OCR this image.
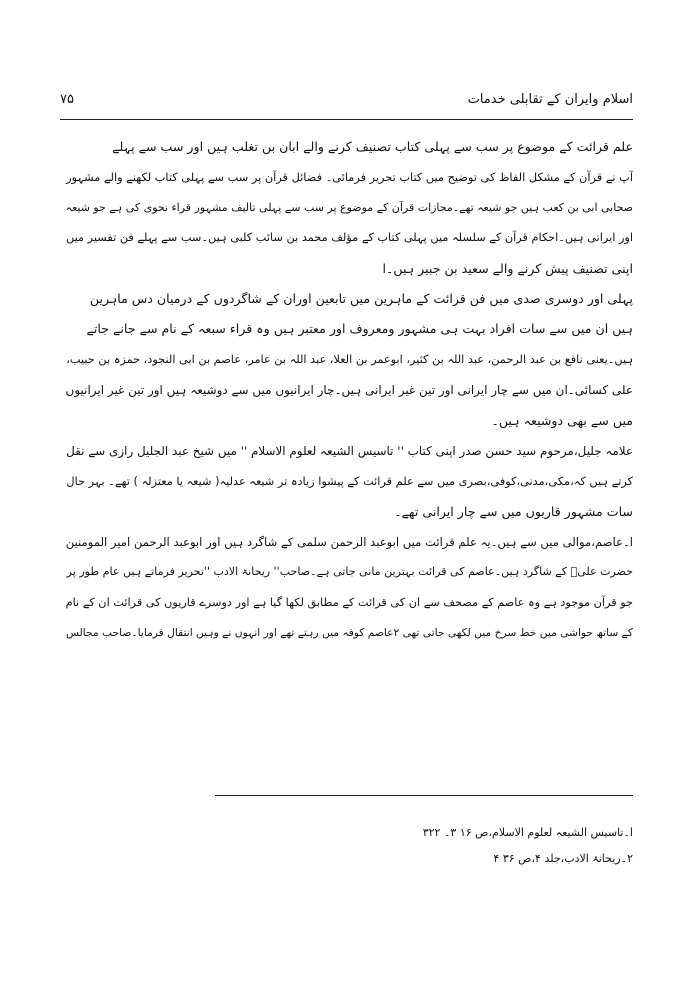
اسلام وایران کے تقابلی خدمات
۷۵
علم قرائت کے موضوع پر سب سے پہلی کتاب تصنیف کرنے والے ابان بن تغلب ہیں اور سب سے پہلے
آپ نے قرآن کے مشکل الفاظ کی توضیح میں کتاب تحریر فرمائی۔ فضائل قرآن پر سب سے پہلی کتاب لکھنے والے مشہور
صحابی ابی بن کعب ہیں جو شیعہ تھے۔مجازات قرآن کے موضوع پر سب سے پہلی تالیف مشہور قراء نحوی کی ہے جو شیعہ
اور ایرانی ہیں۔احکام قرآن کے سلسلہ میں پہلی کتاب کے مؤلف محمد بن سائب کلبی ہیں۔سب سے پہلے فن تفسیر میں
اپنی تصنیف پیش کرنے والے سعید بن جبیر ہیں۔ا
پہلی اور دوسری صدی میں فن قرائت کے ماہرین میں تابعین اوران کے شاگردوں کے درمیان دس ماہرین
ہیں ان میں سے سات افراد بہت ہی مشہور ومعروف اور معتبر ہیں وہ قراء سبعہ کے نام سے جانے جاتے
ہیں۔یعنی نافع بن عبد الرحمن، عبد اللہ بن کثیر، ابوعمر بن العلا، عبد اللہ بن عامر، عاصم بن ابی النجود، حمزہ بن حبیب،
علی کسائی۔ان میں سے چار ایرانی اور تین غیر ایرانی ہیں۔چار ایرانیوں میں سے دوشیعہ ہیں اور تین غیر ایرانیوں
میں سے بھی دوشیعہ ہیں۔
علامہ جلیل،مرحوم سید حسن صدر اپنی کتاب '' تاسیس الشیعہ لعلوم الاسلام '' میں شیخ عبد الجلیل رازی سے نقل
کرتے ہیں کہ،مکی،مدنی،کوفی،بصری میں سے علم قرائت کے پیشوا زیادہ تر شیعہ عدلیہ( شیعہ یا معتزلہ ) تھے۔ بہر حال
سات مشہور قاریوں میں سے چار ایرانی تھے۔
ا۔عاصم،موالی میں سے ہیں۔یہ علم قرائت میں ابوعبد الرحمن سلمی کے شاگرد ہیں اور ابوعبد الرحمن امیر المومنین
حضرت علیؑ کے شاگرد ہیں۔عاصم کی قرائت بہترین مانی جاتی ہے۔صاحب'' ریحانۃ الادب ''تحریر فرماتے ہیں عام طور پر
جو قرآن موجود ہے وہ عاصم کے مصحف سے ان کی قرائت کے مطابق لکھا گیا ہے اور دوسرے قاریوں کی قرائت ان کے نام
کے ساتھ حواشی میں خط سرخ میں لکھی جاتی تھی ۲عاصم کوفہ میں رہتے تھے اور انہوں نے وہیں انتقال فرمایا۔صاحب مجالس
ا۔تاسیس الشیعہ لعلوم الاسلام،ص ۱۶ ۳۔ ۳۲۲
۲۔ریحانۃ الادب،جلد ۴،ص ۳۶ ۴
